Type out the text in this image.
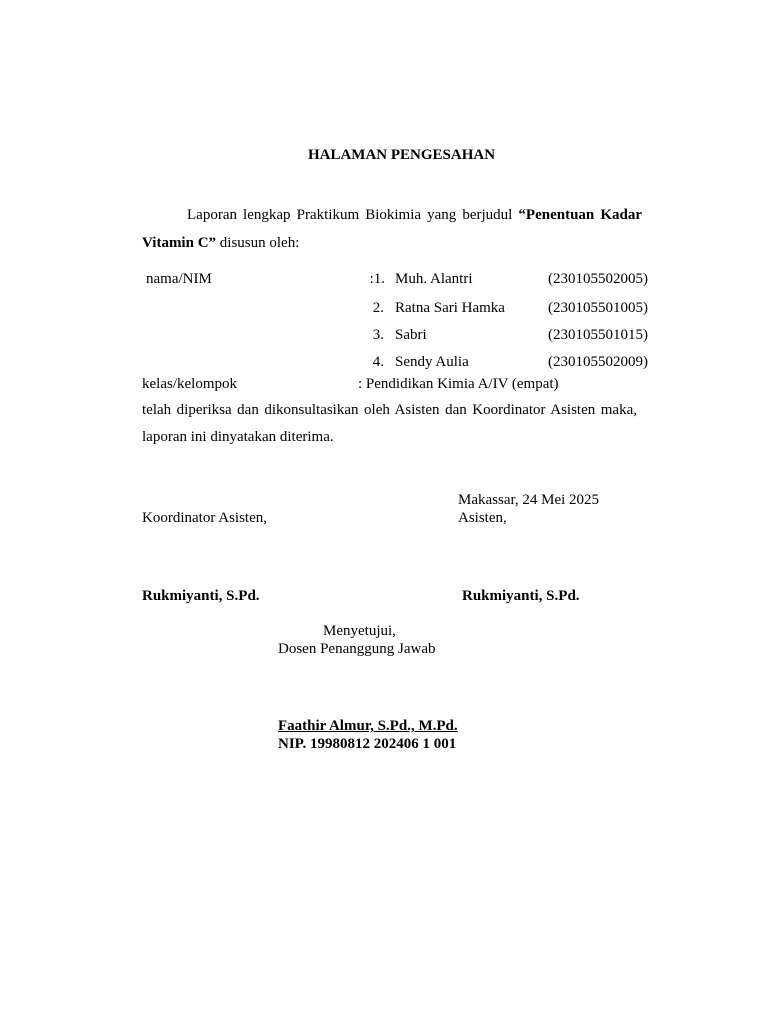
HALAMAN PENGESAHAN
Laporan lengkap Praktikum Biokimia yang berjudul “Penentuan Kadar
Vitamin C” disusun oleh:
nama/NIM	:1. Muh. Alantri	(230105502005)
2. Ratna Sari Hamka	(230105501005)
3. Sabri	(230105501015)
4. Sendy Aulia	(230105502009)
kelas/kelompok	: Pendidikan Kimia A/IV (empat)
telah diperiksa dan dikonsultasikan oleh Asisten dan Koordinator Asisten maka,
laporan ini dinyatakan diterima.
Makassar, 24 Mei 2025
Koordinator Asisten,	Asisten,
Rukmiyanti, S.Pd.	Rukmiyanti, S.Pd.
Menyetujui,
Dosen Penanggung Jawab
Faathir Almur, S.Pd., M.Pd.
NIP. 19980812 202406 1 001
